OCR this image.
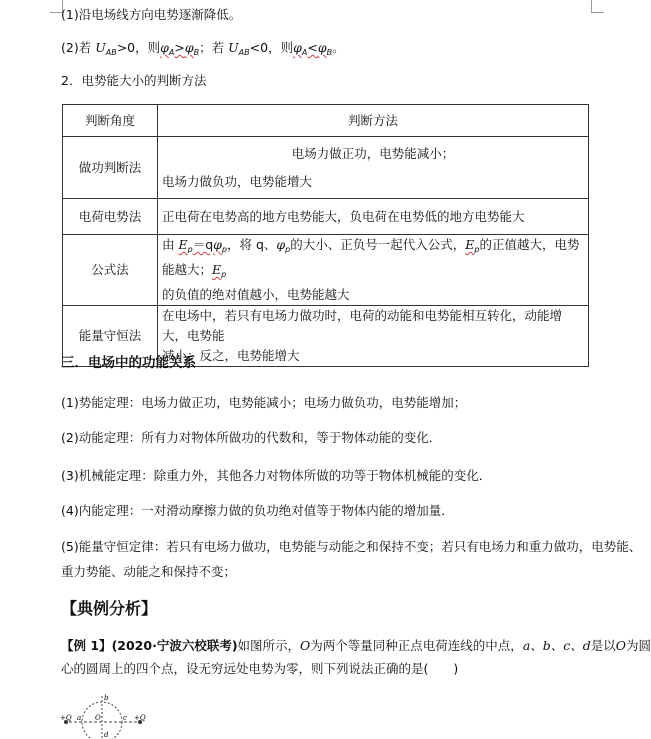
(1)沿电场线方向电势逐渐降低。
(2)若 $U_{AB}>0$，则$\varphi_A>\varphi_B$；若 $U_{AB}<0$，则$\varphi_A<\varphi_B$。
2．电势能大小的判断方法
判断角度	判断方法
做功判断法	电场力做正功，电势能减小；
电场力做负功，电势能增大

电荷电势法	正电荷在电势高的地方电势能大，负电荷在电势低的地方电势能大
公式法	由 $E_p=q\varphi_p$，将 q、$\varphi_p$的大小、正负号一起代入公式，$E_p$的正值越大，电势能越大；$E_p$
的负值的绝对值越小，电势能越大

能量守恒法	在电场中，若只有电场力做功时，电荷的动能和电势能相互转化，动能增大，电势能
减小；反之，电势能增大
三．电场中的功能关系
(1)势能定理：电场力做正功，电势能减小；电场力做负功，电势能增加；
(2)动能定理：所有力对物体所做功的代数和，等于物体动能的变化．
(3)机械能定理：除重力外，其他各力对物体所做的功等于物体机械能的变化．
(4)内能定理：一对滑动摩擦力做的负功绝对值等于物体内能的增加量．
(5)能量守恒定律：若只有电场力做功，电势能与动能之和保持不变；若只有电场力和重力做功，电势能、
重力势能、动能之和保持不变；
【典例分析】
【例 1】(2020·宁波六校联考)如图所示，O为两个等量同种正点电荷连线的中点，a、b、c、d是以O为圆
心的圆周上的四个点，设无穷远处电势为零，则下列说法正确的是(　　)
+Q	+Q
b
a O	c
d
